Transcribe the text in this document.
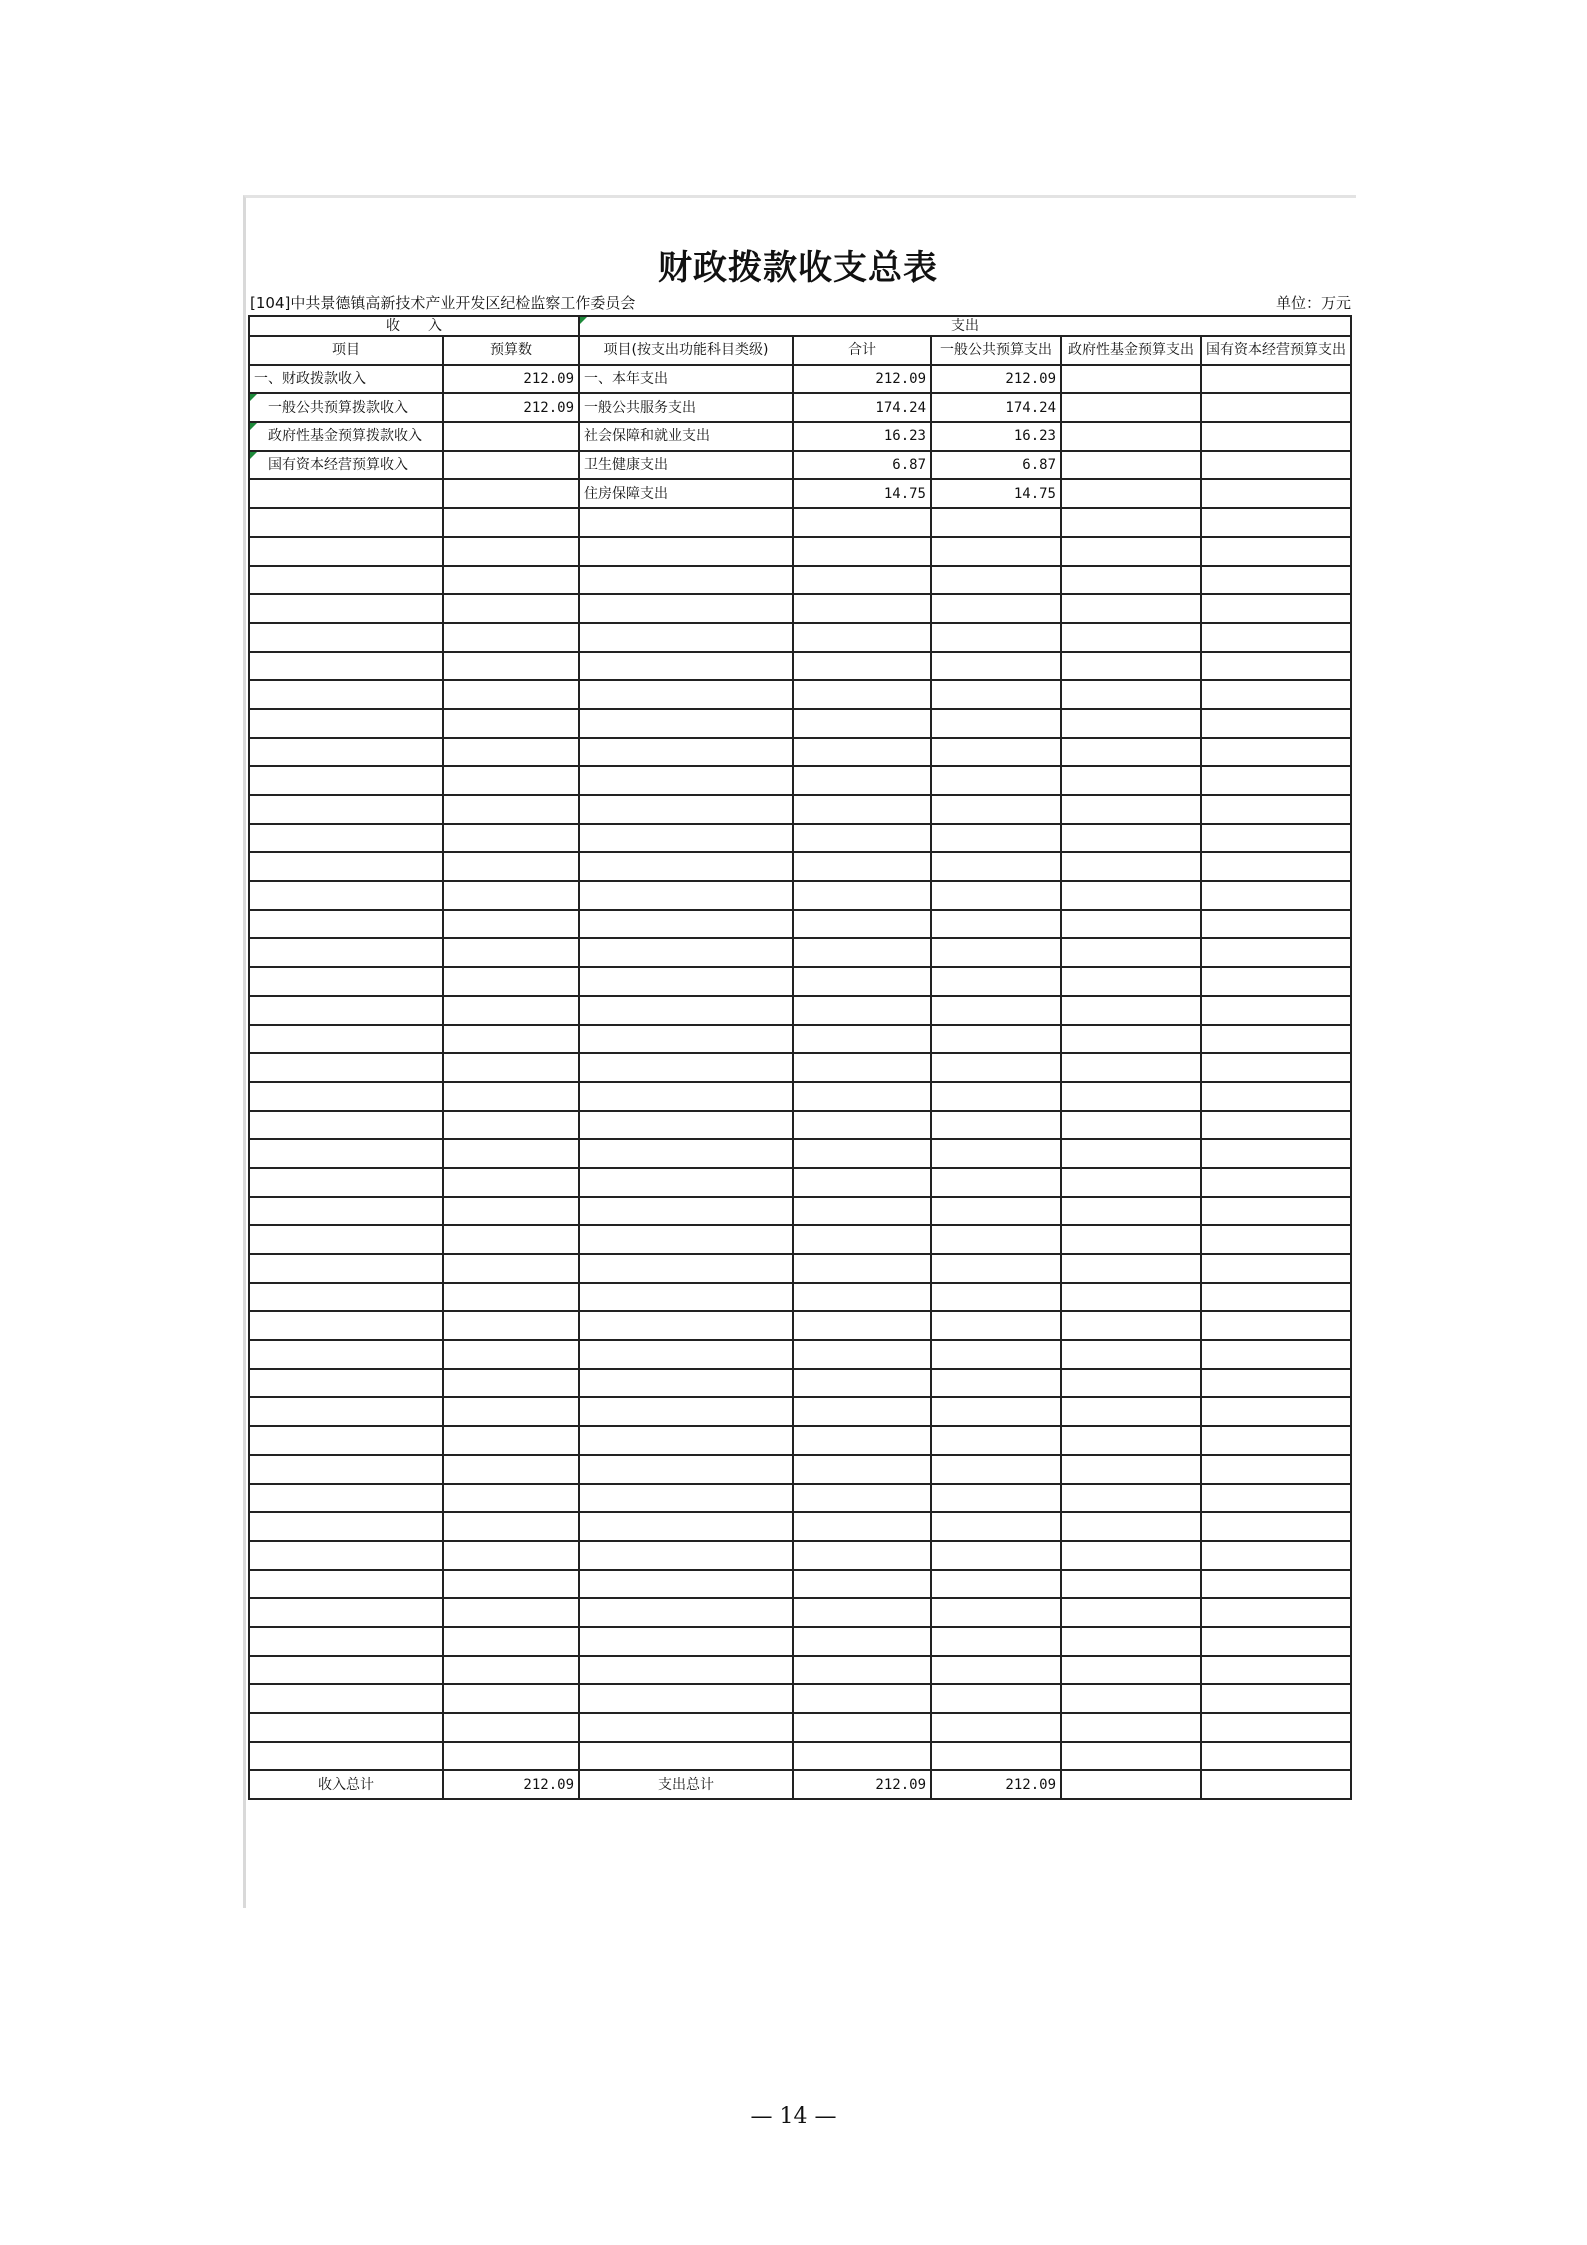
财政拨款收支总表
[104]中共景德镇高新技术产业开发区纪检监察工作委员会	单位：万元
收　　入		支出				
项目	预算数	项目(按支出功能科目类级)	合计	一般公共预算支出	政府性基金预算支出	国有资本经营预算支出
一、财政拨款收入	212.09	一、本年支出	212.09	212.09		
一般公共预算拨款收入	212.09	一般公共服务支出	174.24	174.24		
政府性基金预算拨款收入		社会保障和就业支出	16.23	16.23		
国有资本经营预算收入		卫生健康支出	6.87	6.87		
		住房保障支出	14.75	14.75		

收入总计	212.09	支出总计	212.09	212.09		
— 14 —
